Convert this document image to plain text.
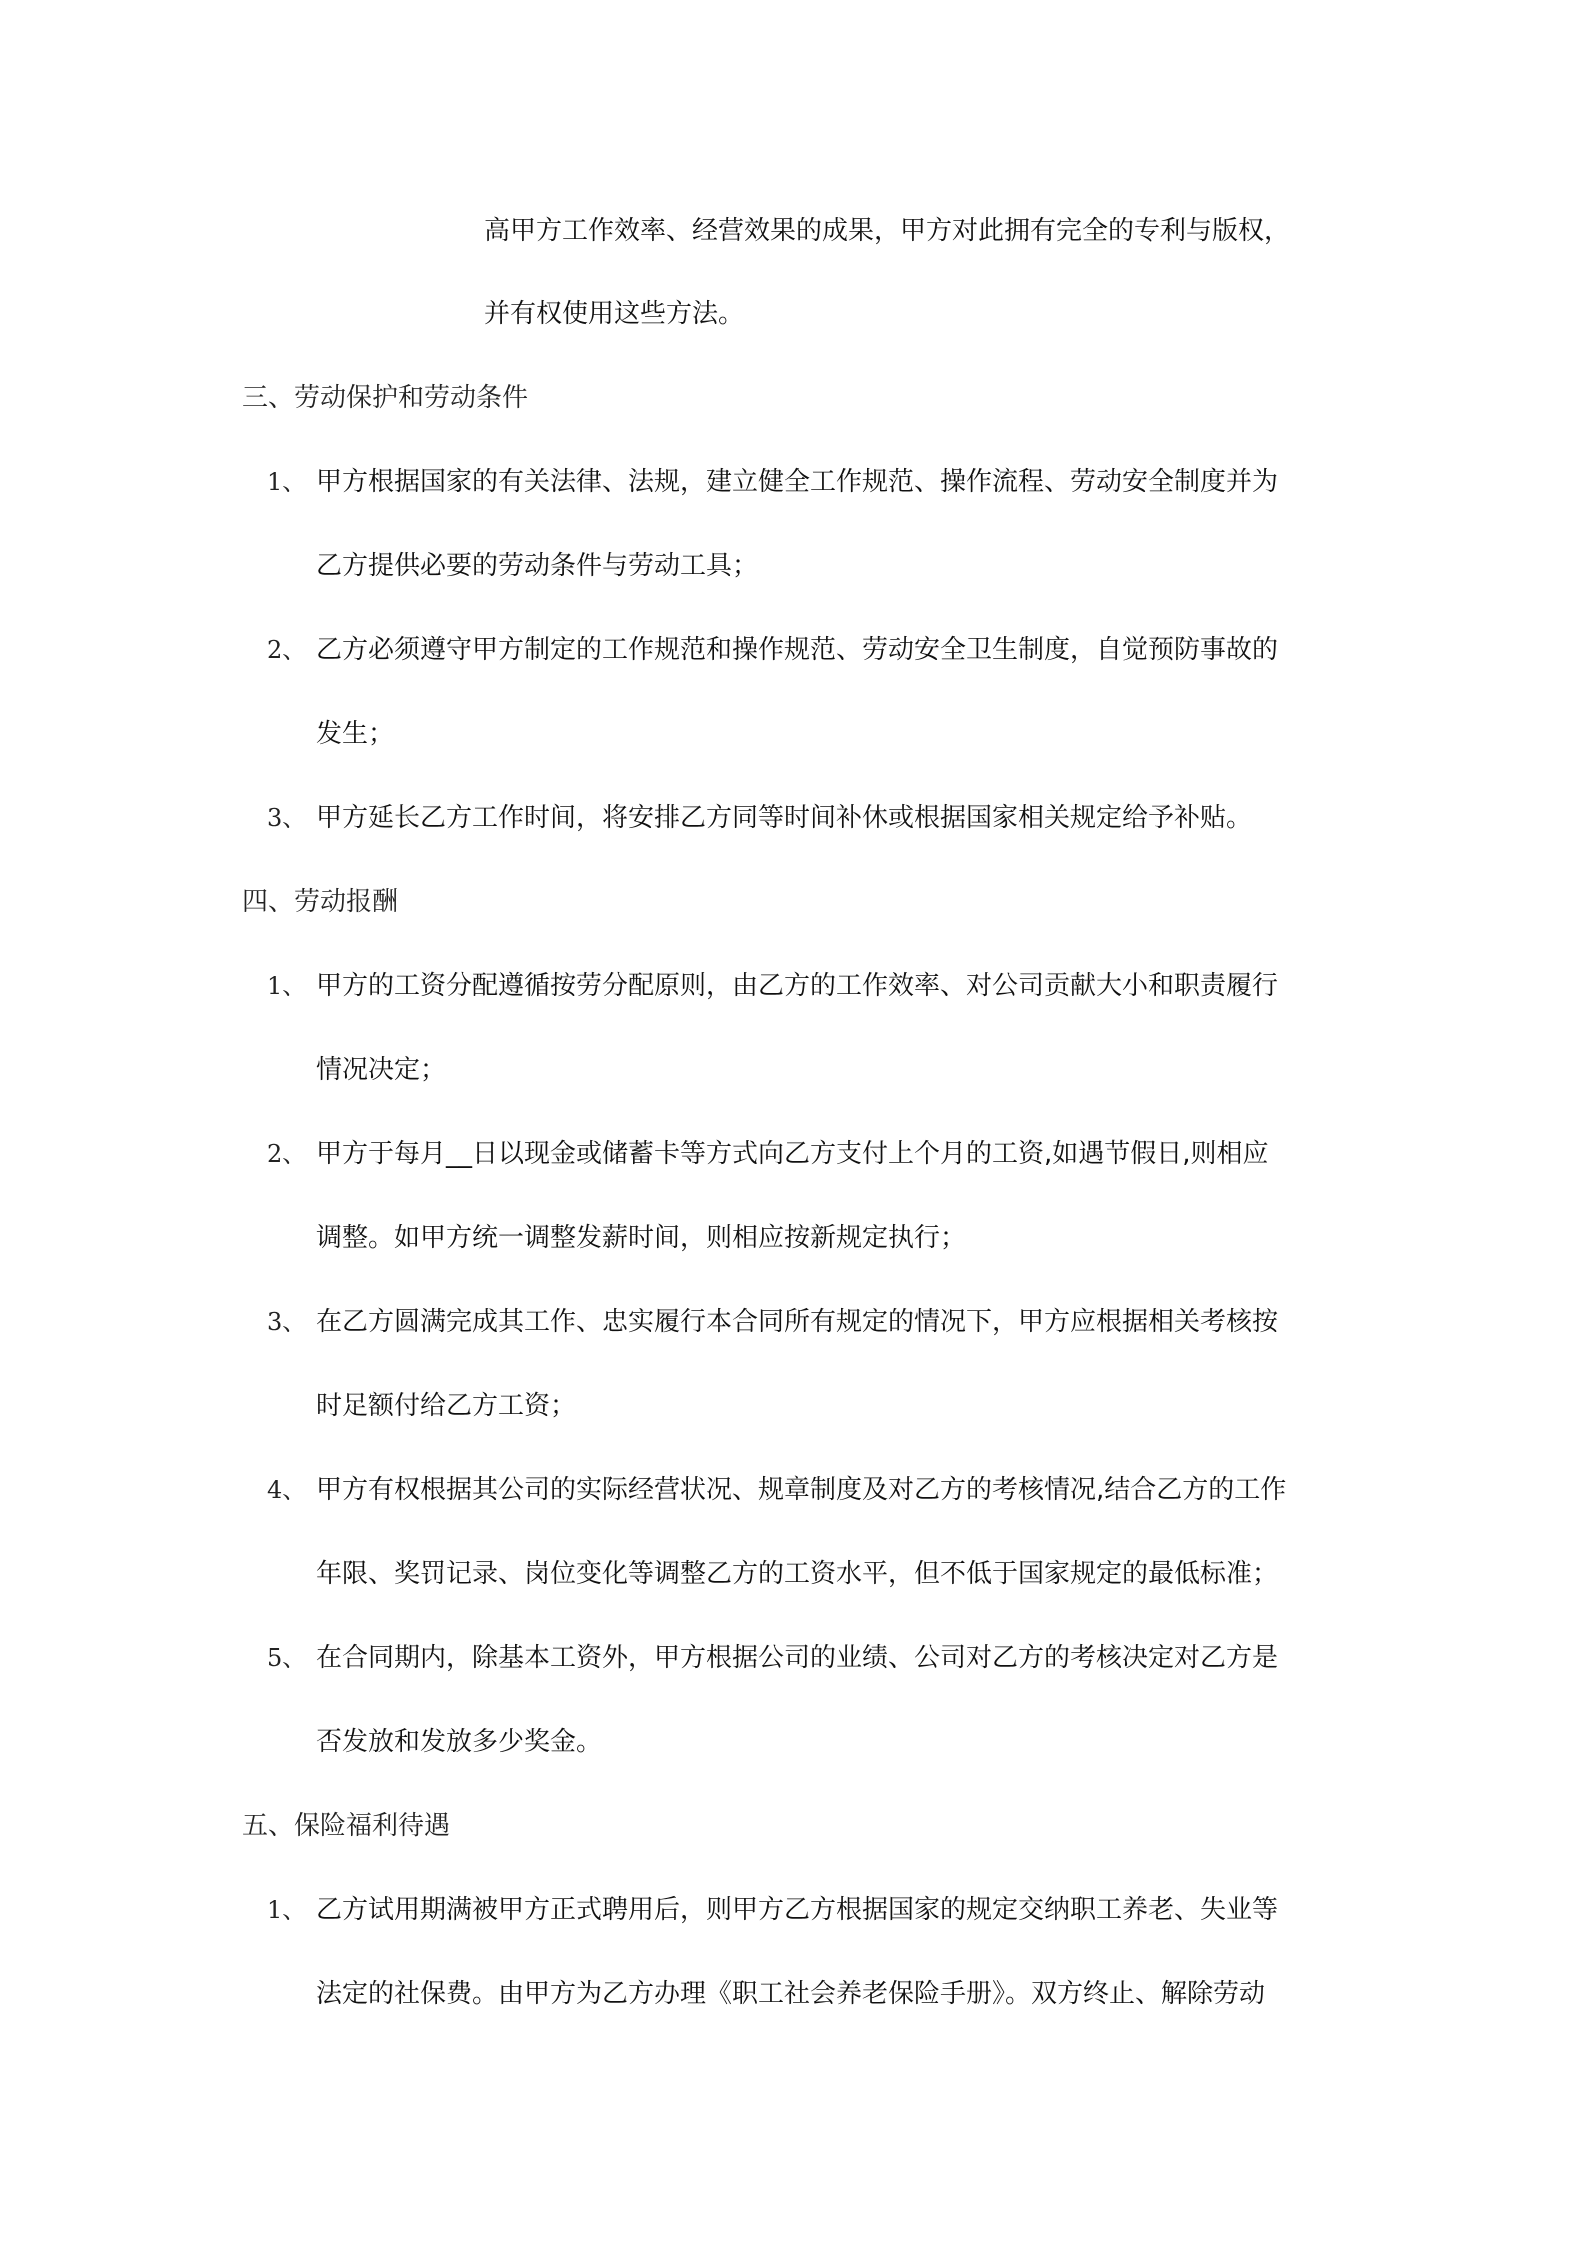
高甲方工作效率、经营效果的成果，甲方对此拥有完全的专利与版权，
并有权使用这些方法。
三、劳动保护和劳动条件
1、 甲方根据国家的有关法律、法规，建立健全工作规范、操作流程、劳动安全制度并为
乙方提供必要的劳动条件与劳动工具；
2、 乙方必须遵守甲方制定的工作规范和操作规范、劳动安全卫生制度，自觉预防事故的
发生；
3、 甲方延长乙方工作时间，将安排乙方同等时间补休或根据国家相关规定给予补贴。
四、劳动报酬
1、 甲方的工资分配遵循按劳分配原则，由乙方的工作效率、对公司贡献大小和职责履行
情况决定；
2、 甲方于每月__日以现金或储蓄卡等方式向乙方支付上个月的工资,如遇节假日,则相应
调整。如甲方统一调整发薪时间，则相应按新规定执行；
3、 在乙方圆满完成其工作、忠实履行本合同所有规定的情况下，甲方应根据相关考核按
时足额付给乙方工资；
4、 甲方有权根据其公司的实际经营状况、规章制度及对乙方的考核情况,结合乙方的工作
年限、奖罚记录、岗位变化等调整乙方的工资水平，但不低于国家规定的最低标准；
5、 在合同期内，除基本工资外，甲方根据公司的业绩、公司对乙方的考核决定对乙方是
否发放和发放多少奖金。
五、保险福利待遇
1、 乙方试用期满被甲方正式聘用后，则甲方乙方根据国家的规定交纳职工养老、失业等
法定的社保费。由甲方为乙方办理《职工社会养老保险手册》。双方终止、解除劳动
